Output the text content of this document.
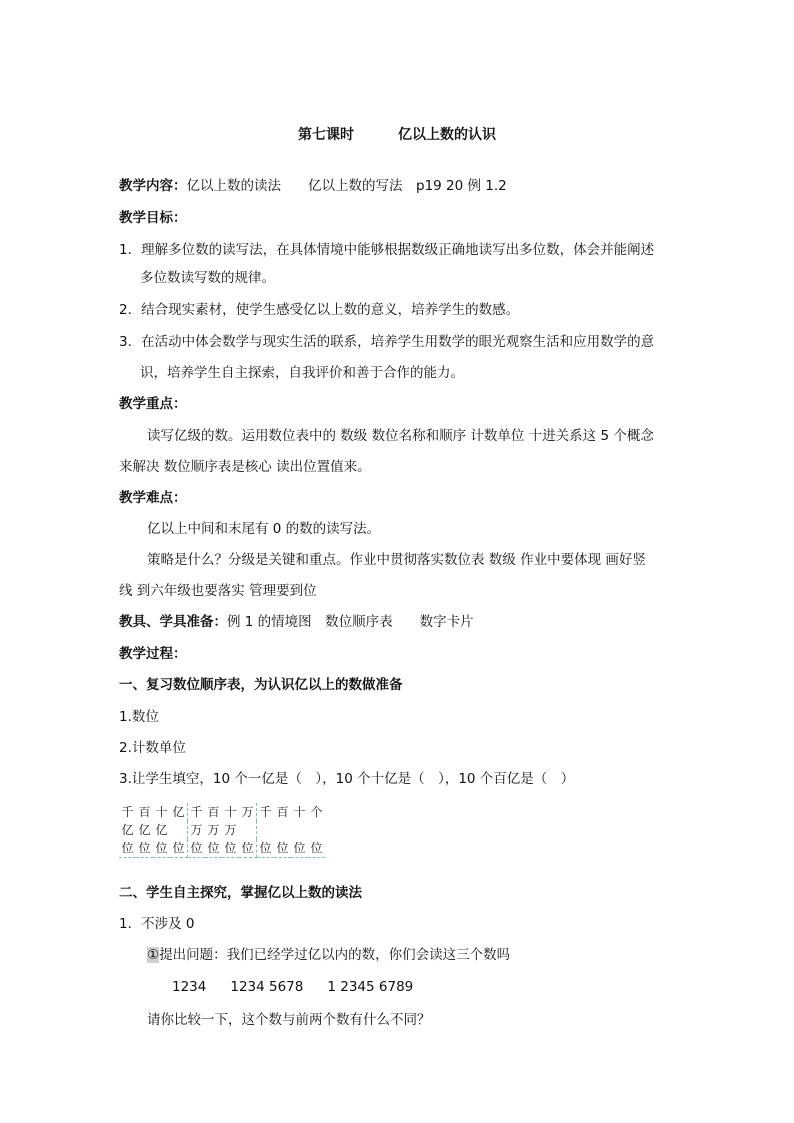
第七课时	亿以上数的认识
教学内容：亿以上数的读法　　亿以上数的写法　p19 20 例 1.2
教学目标：
1．理解多位数的读写法，在具体情境中能够根据数级正确地读写出多位数，体会并能阐述
多位数读写数的规律。
2．结合现实素材，使学生感受亿以上数的意义，培养学生的数感。
3．在活动中体会数学与现实生活的联系，培养学生用数学的眼光观察生活和应用数学的意
识，培养学生自主探索，自我评价和善于合作的能力。
教学重点：
读写亿级的数。运用数位表中的 数级 数位名称和顺序 计数单位 十进关系这 5 个概念
来解决 数位顺序表是核心 读出位置值来。
教学难点：
亿以上中间和末尾有 0 的数的读写法。
策略是什么？分级是关键和重点。作业中贯彻落实数位表 数级 作业中要体现 画好竖
线 到六年级也要落实 管理要到位
教具、学具准备：例 1 的情境图　数位顺序表　　数字卡片
教学过程：
一、复习数位顺序表，为认识亿以上的数做准备
1.数位
2.计数单位
3.让学生填空，10 个一亿是（　），10 个十亿是（　），10 个百亿是（　）
千	百	十	亿	千	百	十	万	千	百	十	个
亿	亿	亿		万	万	万					
位	位	位	位	位	位	位	位	位	位	位	位
二、学生自主探究，掌握亿以上数的读法
1．不涉及 0
①提出问题：我们已经学过亿以内的数，你们会读这三个数吗
1234 1234 5678 1 2345 6789
请你比较一下，这个数与前两个数有什么不同？
